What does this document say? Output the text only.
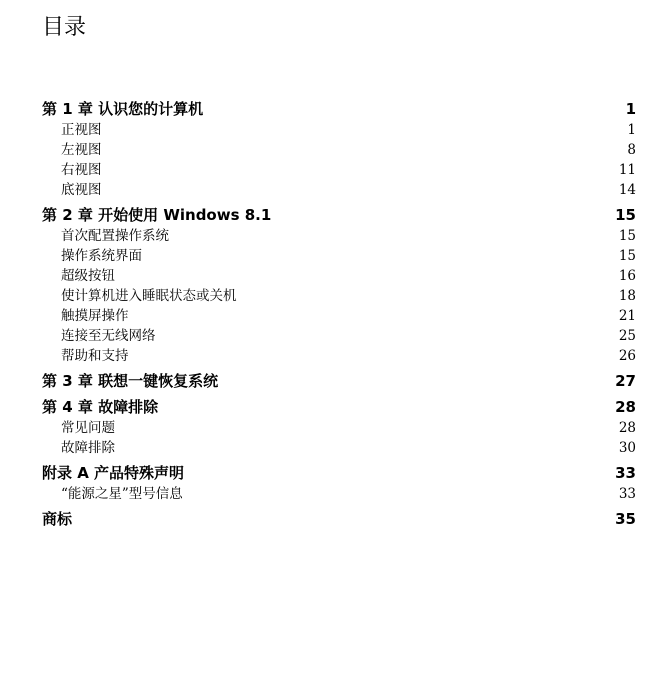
目录
第 1 章 认识您的计算机	1
正视图	1
左视图	8
右视图	11
底视图	14
第 2 章 开始使用 Windows 8.1	15
首次配置操作系统	15
操作系统界面	15
超级按钮	16
使计算机进入睡眠状态或关机	18
触摸屏操作	21
连接至无线网络	25
帮助和支持	26
第 3 章 联想一键恢复系统	27
第 4 章 故障排除	28
常见问题	28
故障排除	30
附录 A 产品特殊声明	33
“能源之星”型号信息	33
商标	35
